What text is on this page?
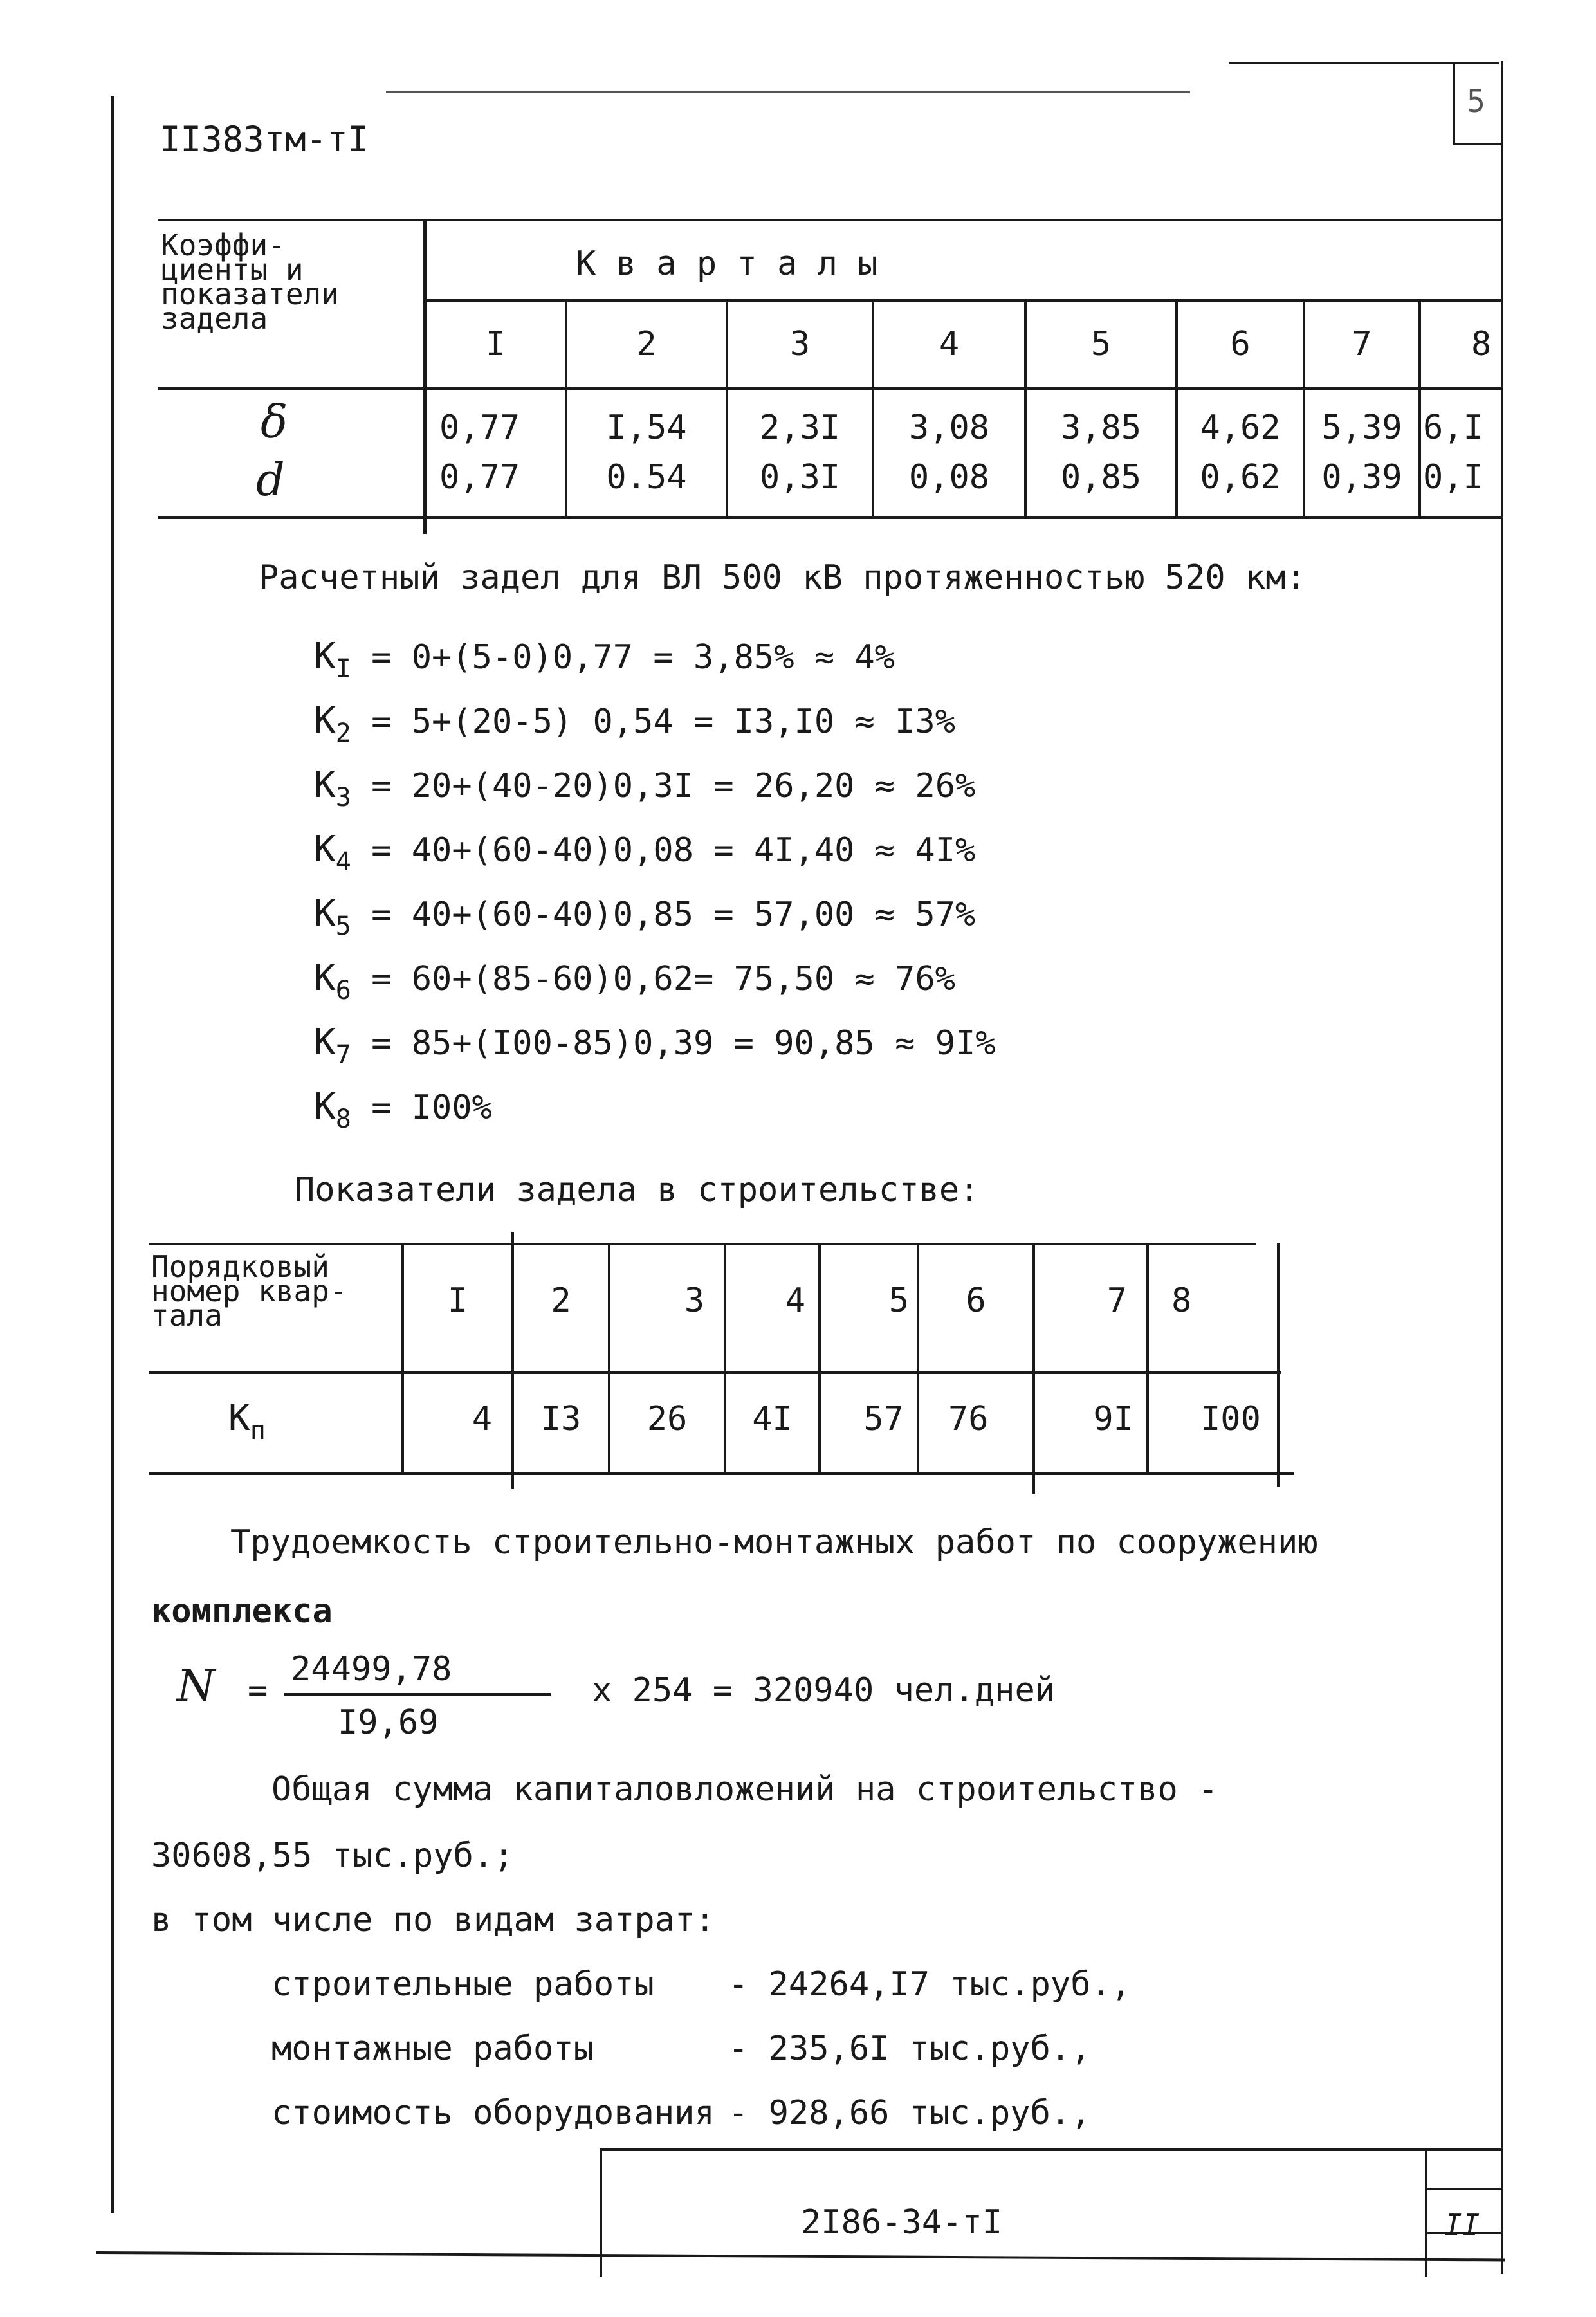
5
II383тм-тI
Коэффи-
циенты и
показатели
задела
К в а р т а л ы
I	2	3	4	5	6	7	8
δ	0,77	I,54	2,3I	3,08	3,85	4,62	5,39 6,I
d	0,77	0.54	0,3I	0,08	0,85	0,62	0,39 0,I
Расчетный задел для ВЛ 500 кВ протяженностью 520 км:
$К_I = 0+(5-0)0,77 = 3,85\% \approx 4\%$
$К_2 = 5+(20-5) 0,54 = I3,I0 \approx I3\%$
$К_3 = 20+(40-20)0,3I = 26,20 \approx 26\%$
$К_4 = 40+(60-40)0,08 = 4I,40 \approx 4I\%$
$К_5 = 40+(60-40)0,85 = 57,00 \approx 57\%$
$К_6 = 60+(85-60)0,62= 75,50 \approx 76\%$
$К_7 = 85+(I00-85)0,39 = 90,85 \approx 9I\%$
$К_8 = I00\%$
Показатели задела в строительстве:
Порядковый
номер квар-
тала	I	2	3	4	5	6	7	8
$К_п$	4	I3	26	4I	57	76	9I	I00
Трудоемкость строительно-монтажных работ по сооружению
комплекса
N =
24499,78
I9,69
x 254 = 320940 чел.дней
Общая сумма капиталовложений на строительство -
30608,55 тыс.руб.;
в том числе по видам затрат:
строительные работы - 24264,I7 тыс.руб.,
монтажные работы	- 235,6I тыс.руб.,
стоимость оборудования - 928,66 тыс.руб.,
2I86-34-тI	II
